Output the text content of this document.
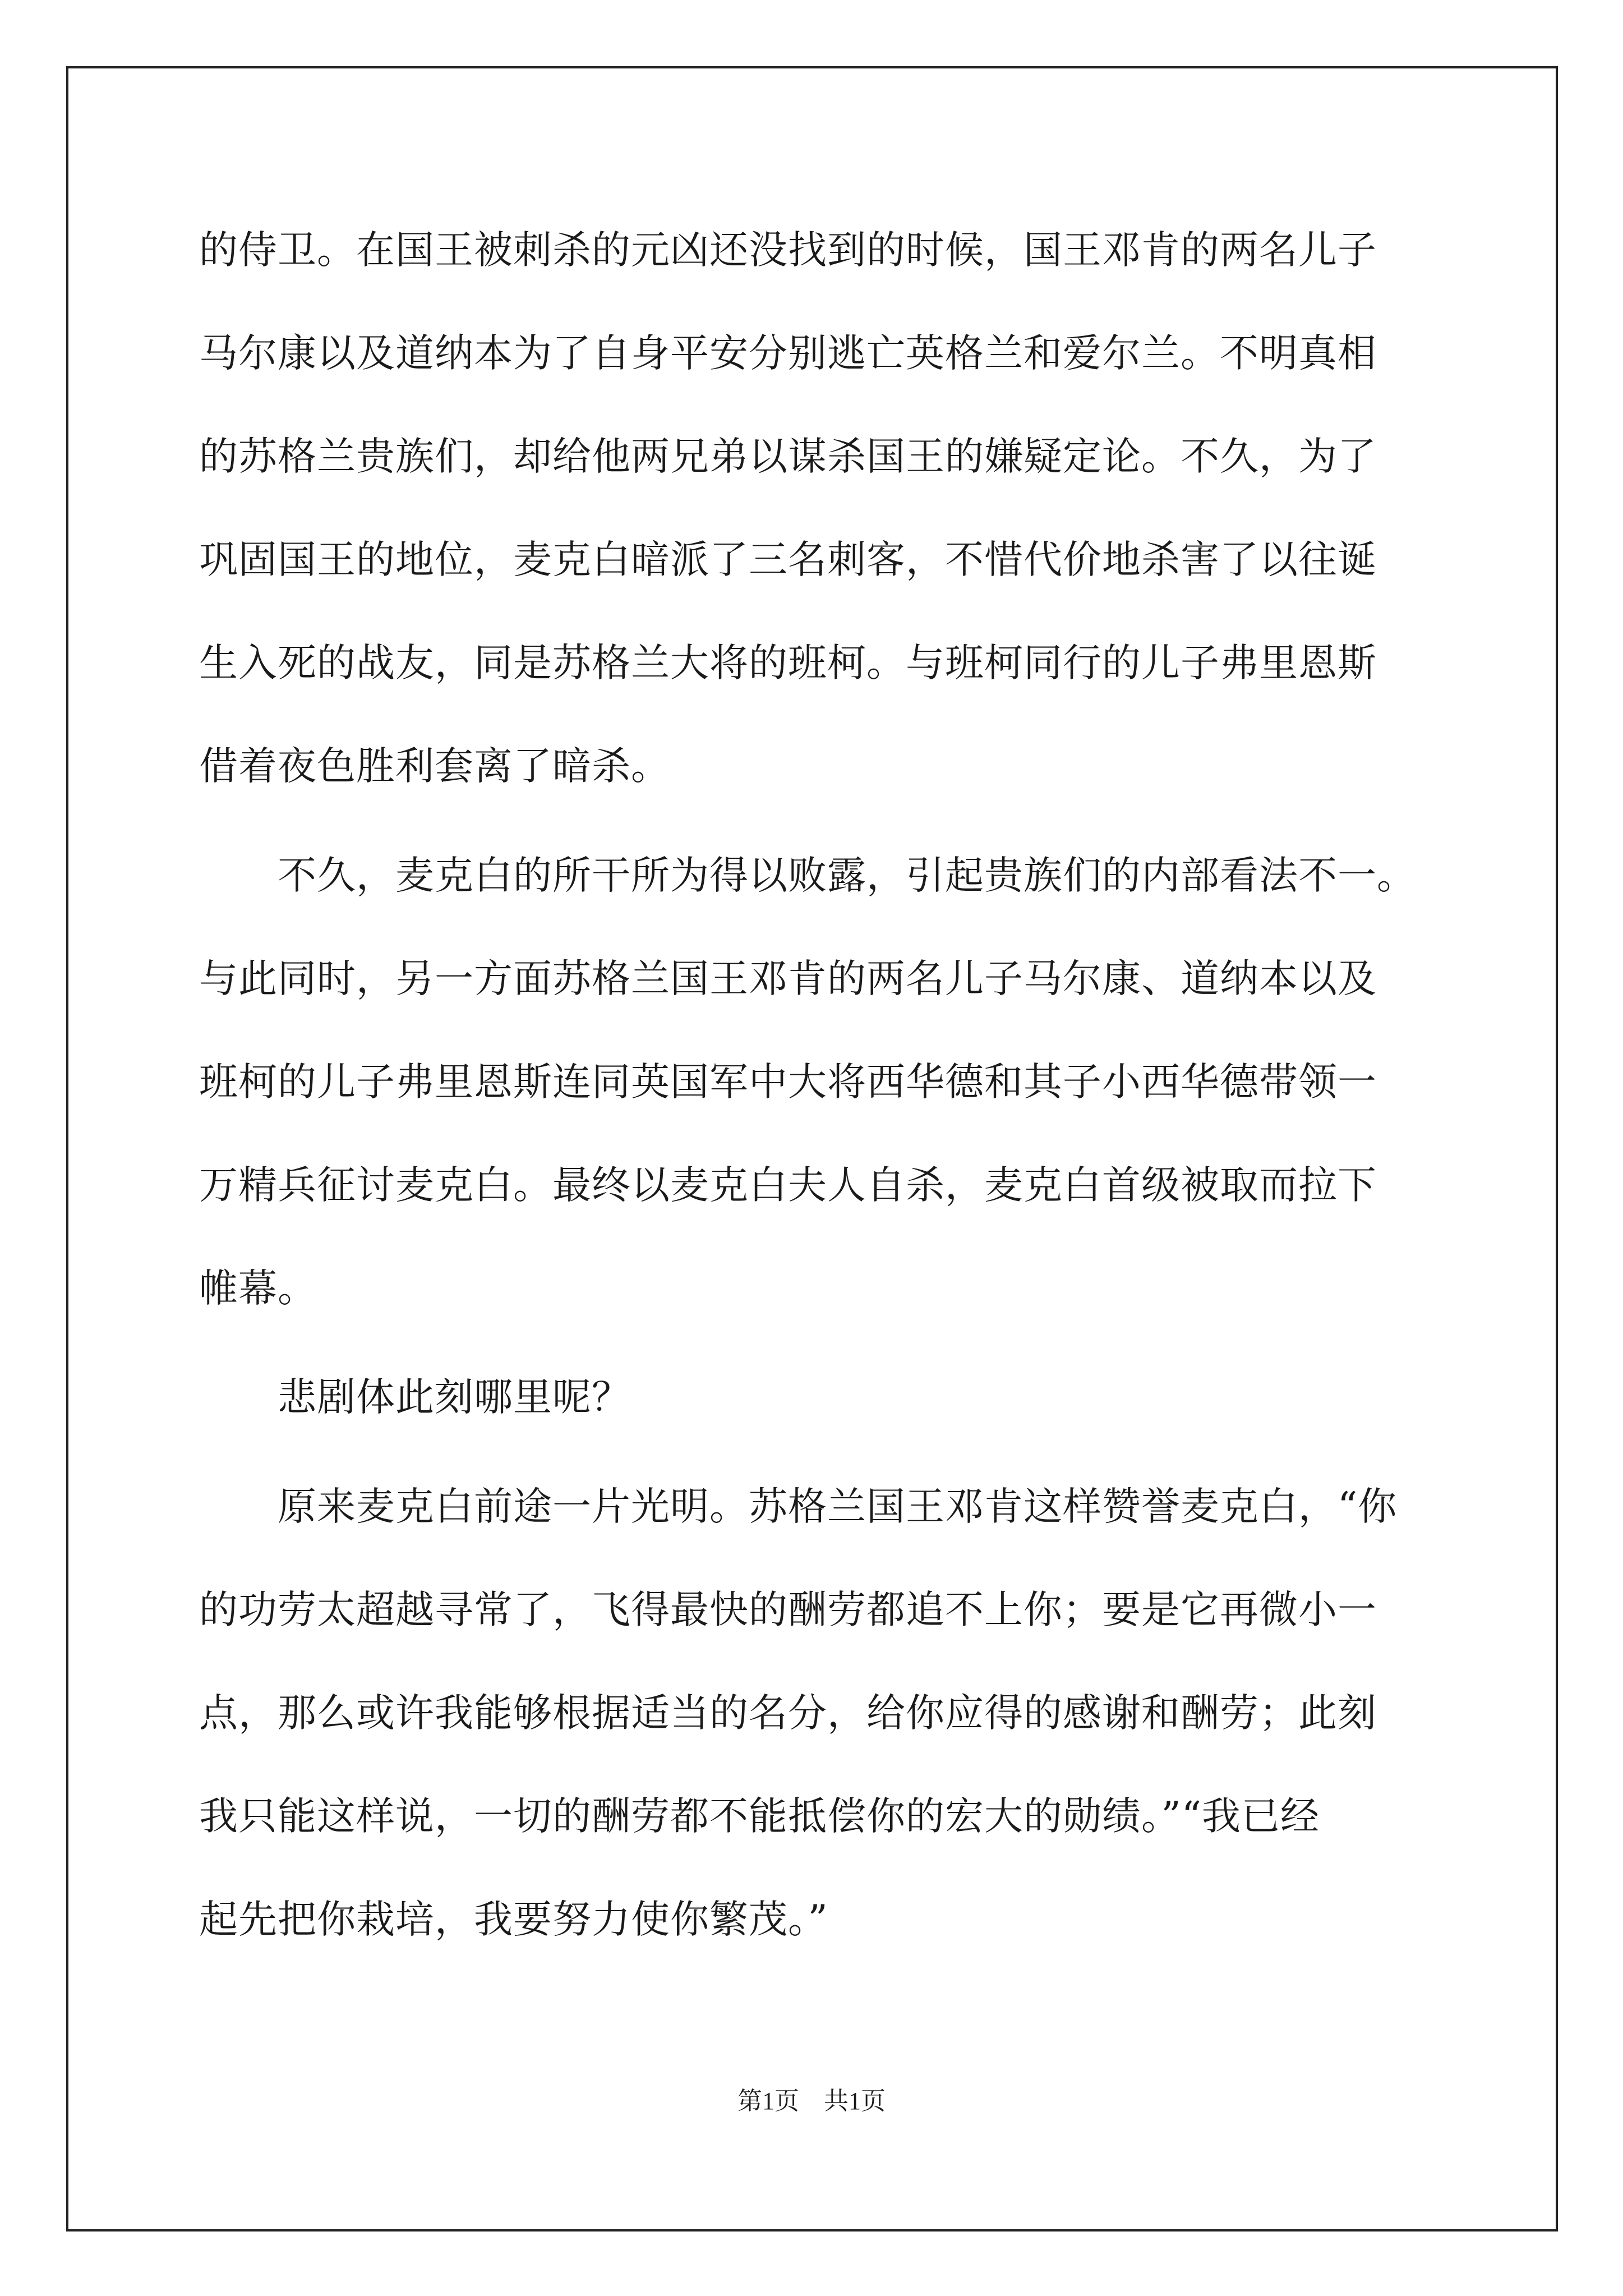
的侍卫。在国王被刺杀的元凶还没找到的时候，国王邓肯的两名儿子
马尔康以及道纳本为了自身平安分别逃亡英格兰和爱尔兰。不明真相
的苏格兰贵族们，却给他两兄弟以谋杀国王的嫌疑定论。不久，为了
巩固国王的地位，麦克白暗派了三名刺客，不惜代价地杀害了以往诞
生入死的战友，同是苏格兰大将的班柯。与班柯同行的儿子弗里恩斯
借着夜色胜利套离了暗杀。
　　不久，麦克白的所干所为得以败露，引起贵族们的内部看法不一。
与此同时，另一方面苏格兰国王邓肯的两名儿子马尔康、道纳本以及
班柯的儿子弗里恩斯连同英国军中大将西华德和其子小西华德带领一
万精兵征讨麦克白。最终以麦克白夫人自杀，麦克白首级被取而拉下
帷幕。
　　悲剧体此刻哪里呢？
　　原来麦克白前途一片光明。苏格兰国王邓肯这样赞誉麦克白，“你
的功劳太超越寻常了，飞得最快的酬劳都追不上你；要是它再微小一
点，那么或许我能够根据适当的名分，给你应得的感谢和酬劳；此刻
我只能这样说，一切的酬劳都不能抵偿你的宏大的勋绩。”“我已经
起先把你栽培，我要努力使你繁茂。”
第1页　共1页
